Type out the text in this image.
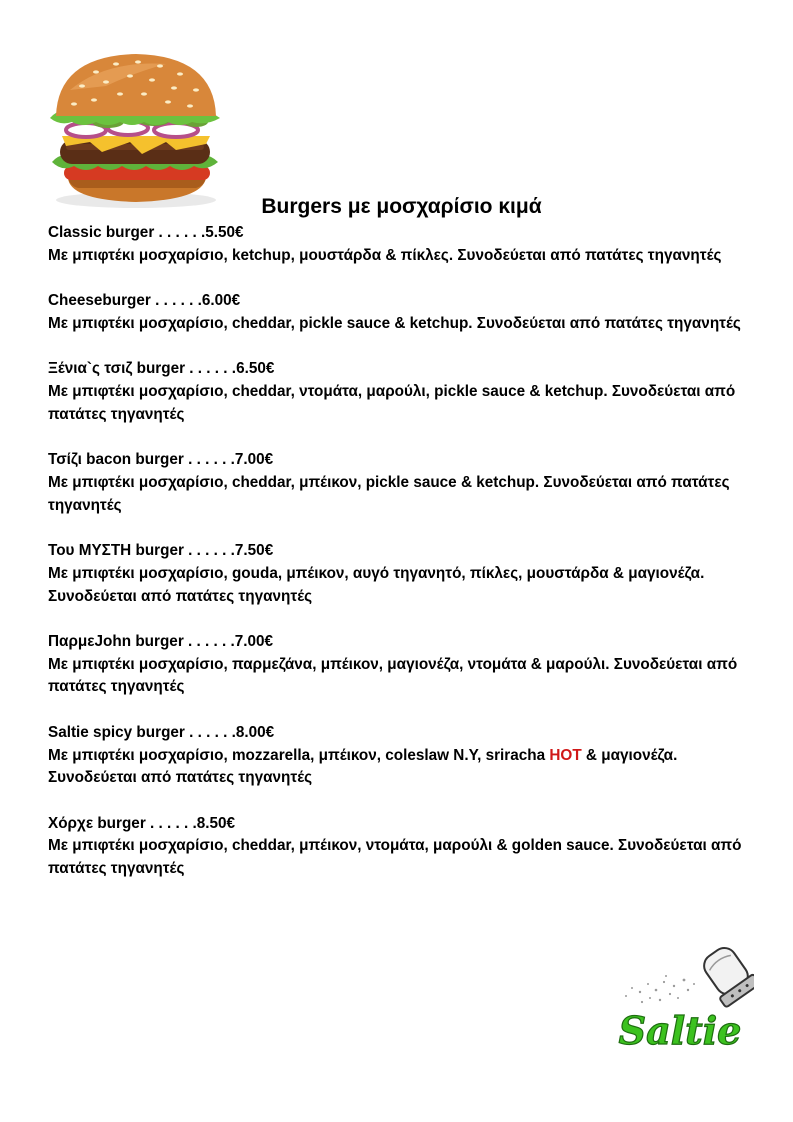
Burgers με μοσχαρίσιο κιμά
Classic burger . . . . . .5.50€
Με μπιφτέκι μοσχαρίσιο, ketchup, μουστάρδα & πίκλες. Συνοδεύεται από πατάτες τηγανητές
Cheeseburger . . . . . .6.00€
Με μπιφτέκι μοσχαρίσιο, cheddar, pickle sauce & ketchup. Συνοδεύεται από πατάτες τηγανητές
Ξένια`ς τσιζ burger . . . . . .6.50€
Με μπιφτέκι μοσχαρίσιο, cheddar, ντομάτα, μαρούλι, pickle sauce & ketchup. Συνοδεύεται από πατάτες τηγανητές
Τσίζι bacon burger . . . . . .7.00€
Με μπιφτέκι μοσχαρίσιο, cheddar, μπέικον, pickle sauce & ketchup. Συνοδεύεται από πατάτες τηγανητές
Του ΜΥΣΤΗ burger . . . . . .7.50€
Με μπιφτέκι μοσχαρίσιο, gouda, μπέικον, αυγό τηγανητό, πίκλες, μουστάρδα & μαγιονέζα. Συνοδεύεται από πατάτες τηγανητές
ΠαρμεJohn burger . . . . . .7.00€
Με μπιφτέκι μοσχαρίσιο, παρμεζάνα, μπέικον, μαγιονέζα, ντομάτα & μαρούλι. Συνοδεύεται από πατάτες τηγανητές
Saltie spicy burger . . . . . .8.00€
Με μπιφτέκι μοσχαρίσιο, mozzarella, μπέικον, coleslaw N.Y, sriracha HOT & μαγιονέζα. Συνοδεύεται από πατάτες τηγανητές
Χόρχε burger . . . . . .8.50€
Με μπιφτέκι μοσχαρίσιο, cheddar, μπέικον, ντομάτα, μαρούλι & golden sauce. Συνοδεύεται από πατάτες τηγανητές
Saltie
